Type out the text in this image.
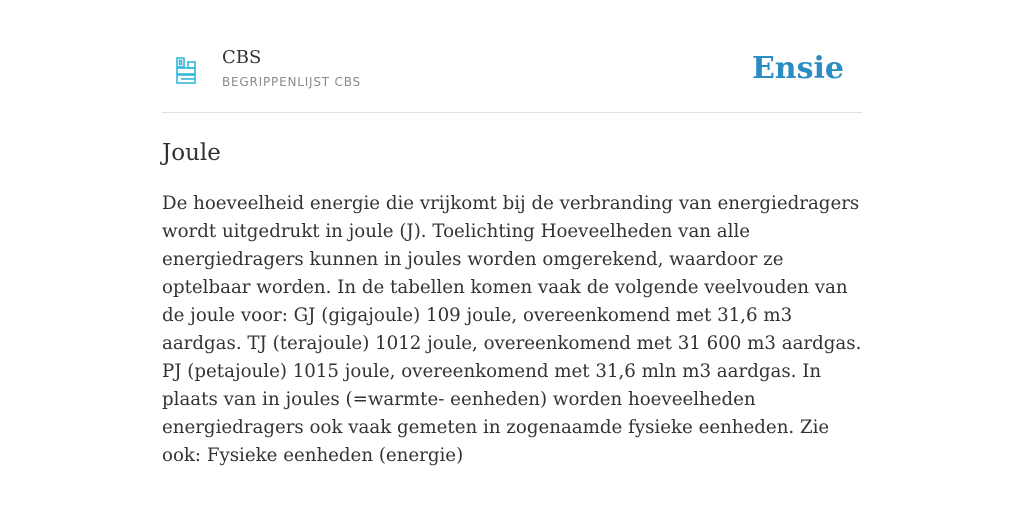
CBS
BEGRIPPENLIJST CBS	Ensie
Joule

De hoeveelheid energie die vrijkomt bij de verbranding van energiedragers wordt uitgedrukt in joule (J). Toelichting Hoeveelheden van alle energiedragers kunnen in joules worden omgerekend, waardoor ze optelbaar worden. In de tabellen komen vaak de volgende veelvouden van de joule voor: GJ (gigajoule) 109 joule, overeenkomend met 31,6 m3 aardgas. TJ (terajoule) 1012 joule, overeenkomend met 31 600 m3 aardgas. PJ (petajoule) 1015 joule, overeenkomend met 31,6 mln m3 aardgas. In plaats van in joules (=warmte- eenheden) worden hoeveelheden energiedragers ook vaak gemeten in zogenaamde fysieke eenheden. Zie ook: Fysieke eenheden (energie)
